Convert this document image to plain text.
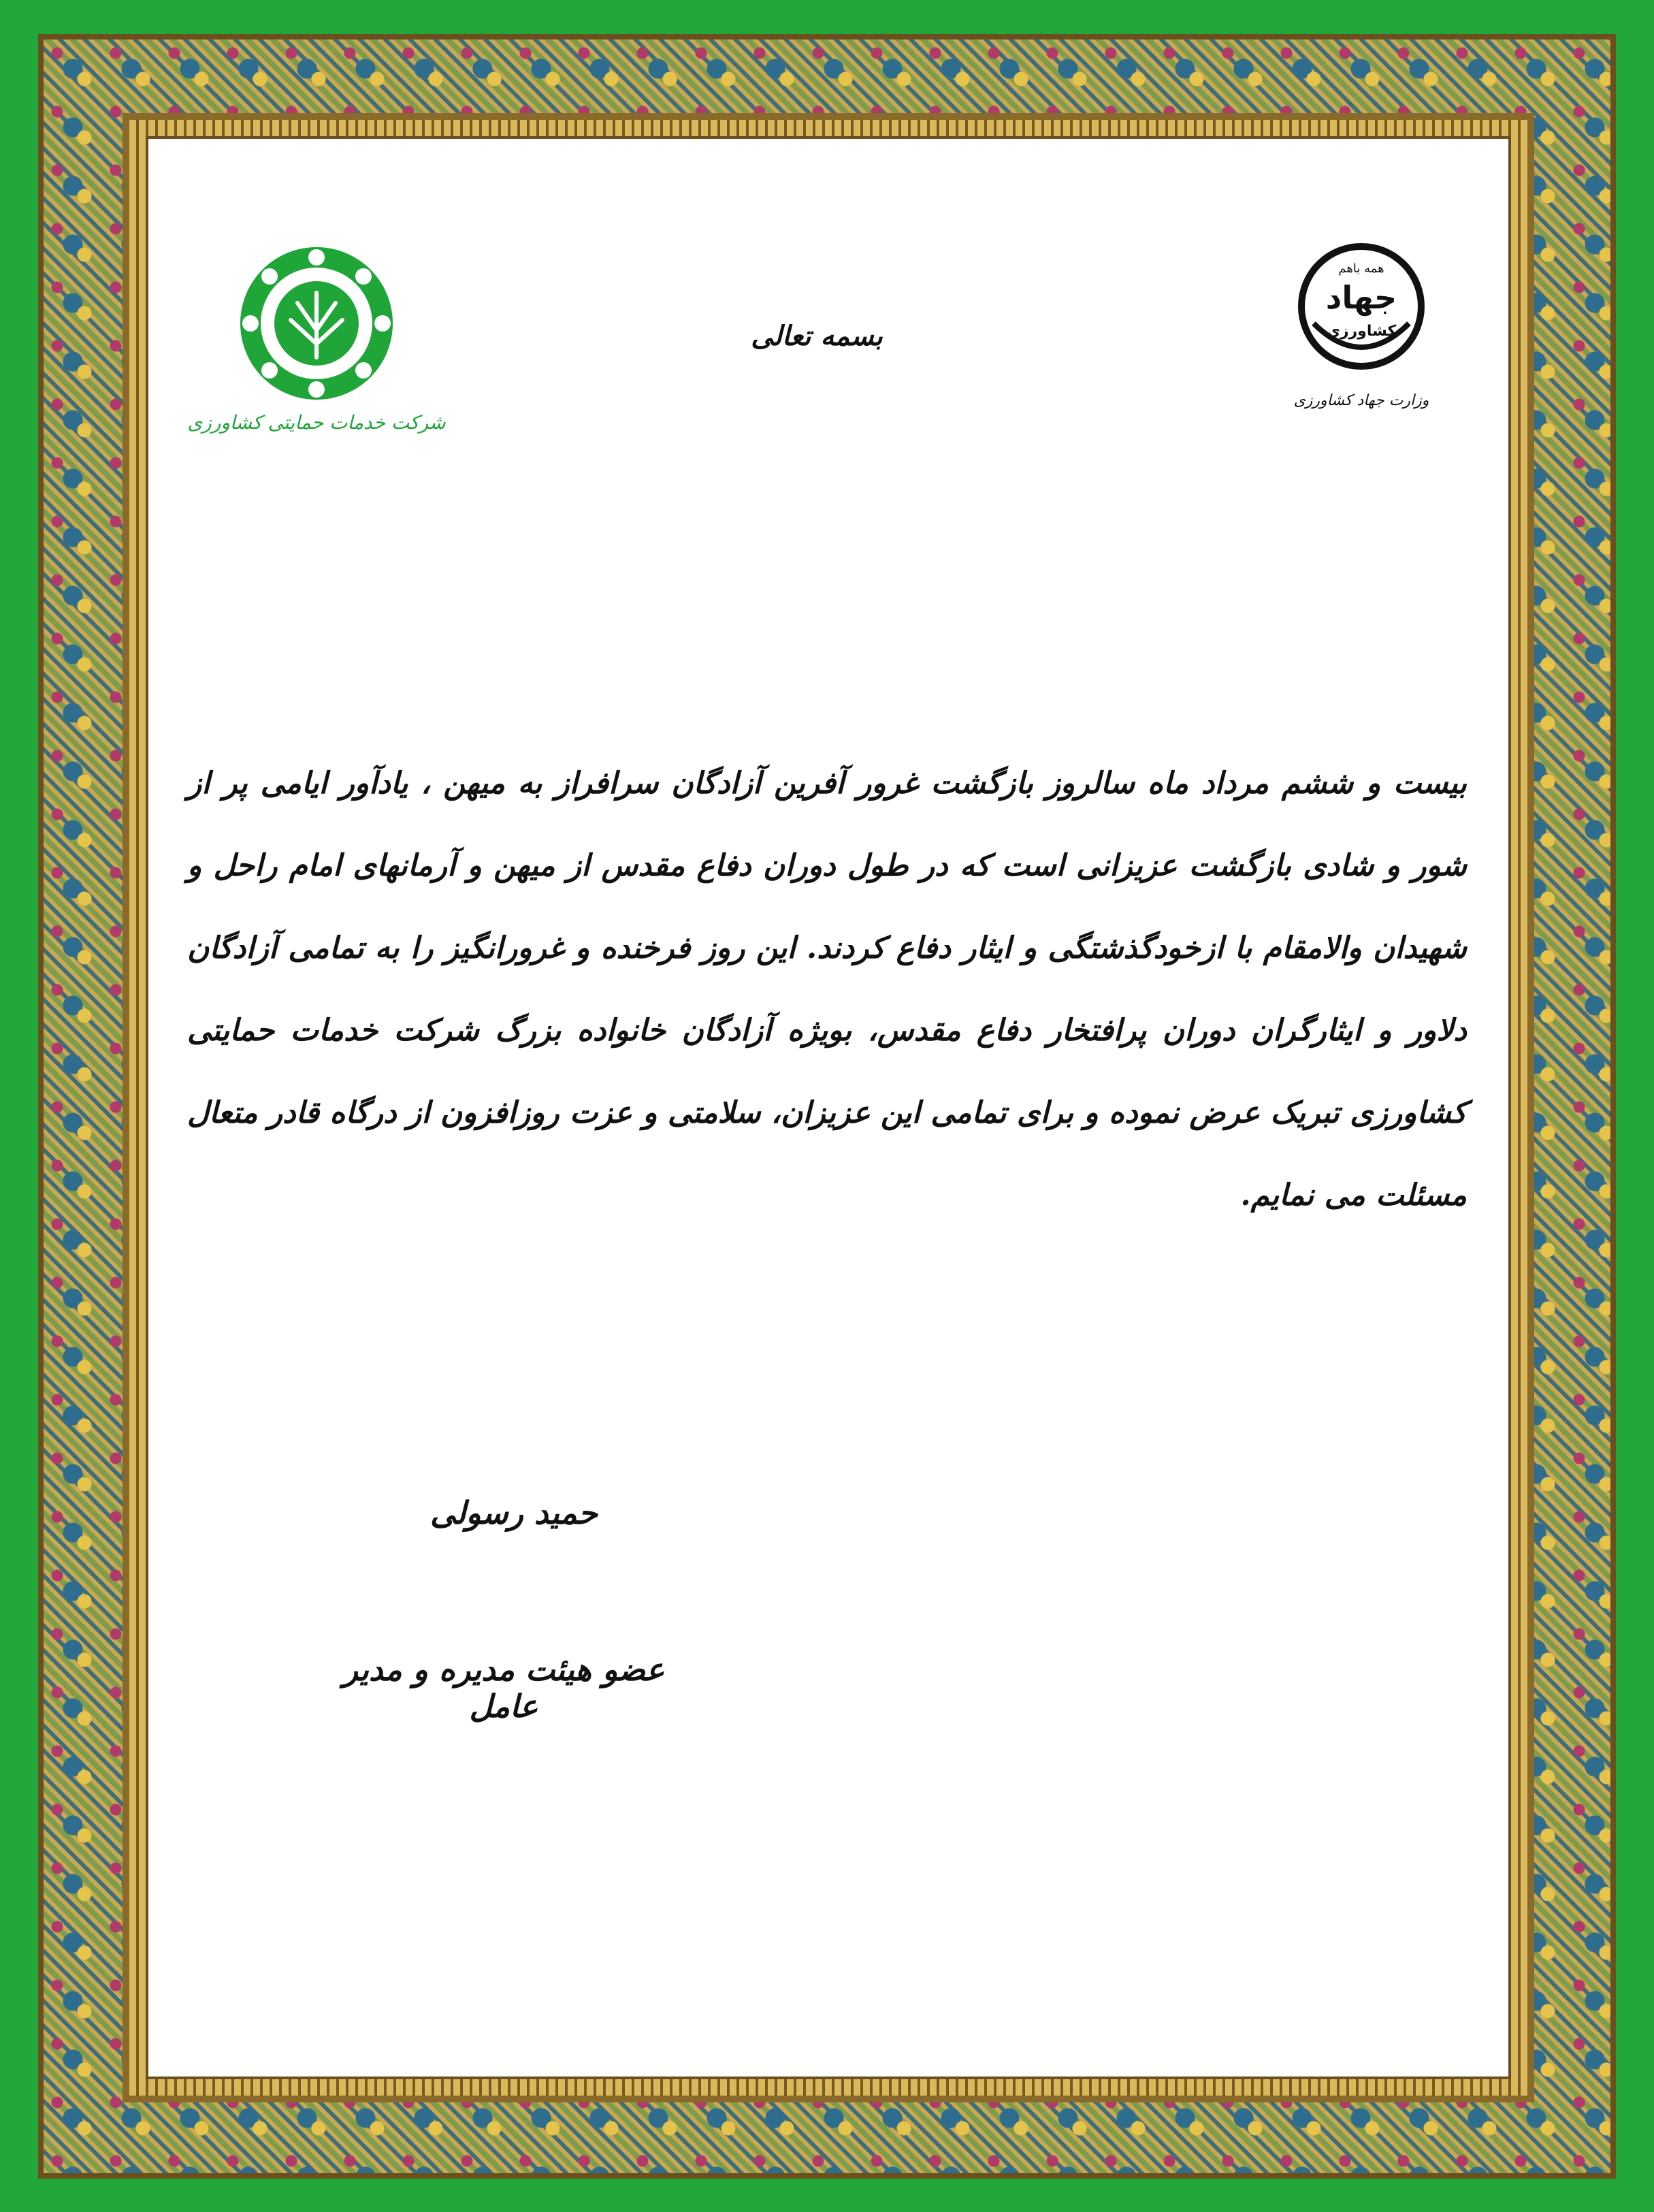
شرکت خدمات حمایتی کشاورزی
همه باهم
جهاد
کشاورزی
وزارت جهاد کشاورزی
بسمه تعالی
بیست و ششم مرداد ماه سالروز بازگشت غرور آفرین آزادگان سرافراز به میهن ، یادآور ایامی پر از شور و شادی بازگشت عزیزانی است که در طول دوران دفاع مقدس از میهن و آرمانهای امام راحل و شهیدان والامقام با ازخودگذشتگی و ایثار دفاع کردند. این روز فرخنده و غرورانگیز را به تمامی آزادگان دلاور و ایثارگران دوران پرافتخار دفاع مقدس، بویژه آزادگان خانواده بزرگ شرکت خدمات حمایتی کشاورزی تبریک عرض نموده و برای تمامی این عزیزان، سلامتی و عزت روزافزون از درگاه قادر متعال مسئلت می نمایم.
حمید رسولی
عضو هیئت مدیره و مدیر عامل
